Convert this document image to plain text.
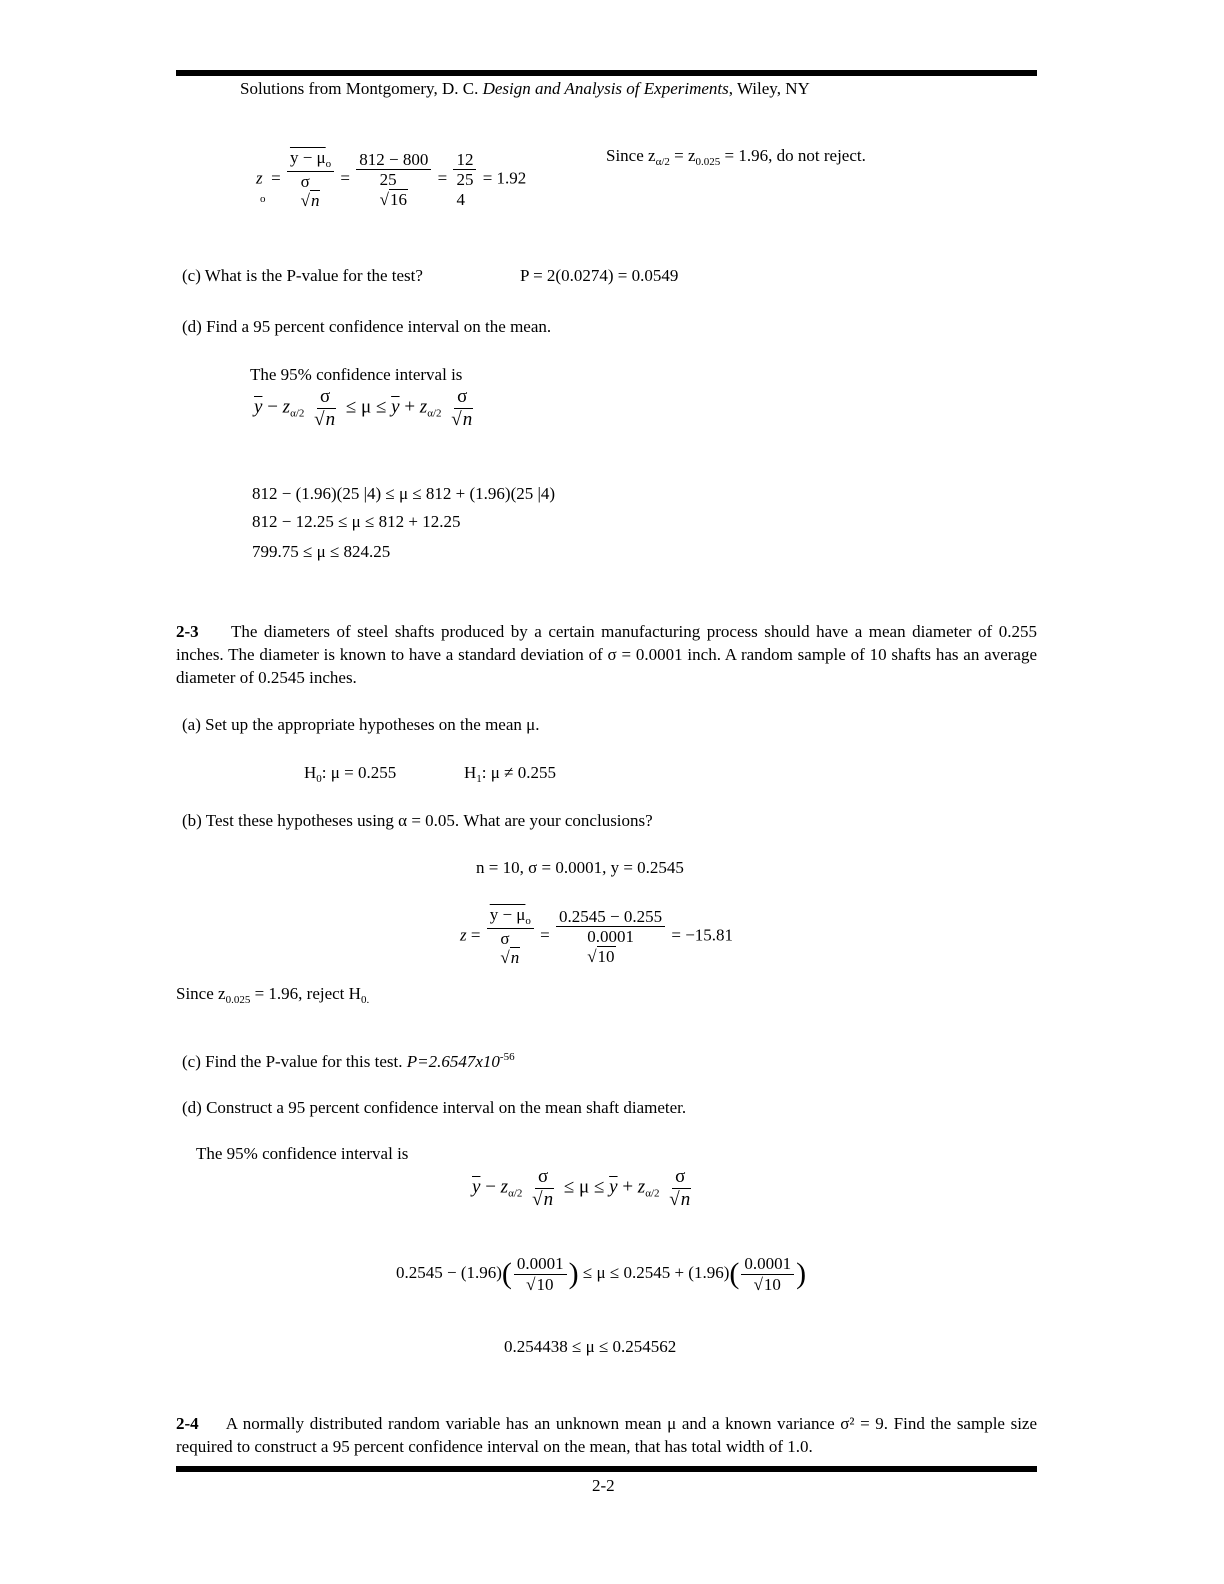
Solutions from Montgomery, D. C. Design and Analysis of Experiments, Wiley, NY
z  =
$y - \mu_o$
σ
√n
=
812 − 800
25
√16
=
12
25
4
= 1.92
o
Since $z_{\alpha/2} = z_{0.025} = 1.96$, do not reject.
(c) What is the P-value for the test?	P = 2(0.0274) = 0.0549
(d) Find a 95 percent confidence interval on the mean.
The 95% confidence interval is
$\overline{y} - z_{\alpha/2} \frac{\sigma}{√n} \le \mu \le \overline{y} + z_{\alpha/2} \frac{\sigma}{√n}$
812 − (1.96)(25 |4) ≤ μ ≤ 812 + (1.96)(25 |4)
812 − 12.25 ≤ μ ≤ 812 + 12.25
799.75 ≤ μ ≤ 824.25
2-3 The diameters of steel shafts produced by a certain manufacturing process should have a mean diameter of 0.255 inches. The diameter is known to have a standard deviation of σ = 0.0001 inch. A random sample of 10 shafts has an average diameter of 0.2545 inches.
(a) Set up the appropriate hypotheses on the mean μ.
$H_0$: μ = 0.255	$H_1$: μ ≠ 0.255
(b) Test these hypotheses using α = 0.05. What are your conclusions?
n = 10, σ = 0.0001, y = 0.2545
z =
$y - \mu_o$
σ
√n
=
0.2545 − 0.255
0.0001
√10
= −15.81
Since $z_{0.025} = 1.96$, reject $H_{0.}$
(c) Find the P-value for this test. $P=2.6547x10^{-56}$
(d) Construct a 95 percent confidence interval on the mean shaft diameter.
The 95% confidence interval is
$\overline{y} - z_{\alpha/2} \frac{\sigma}{√n} \le \mu \le \overline{y} + z_{\alpha/2} \frac{\sigma}{√n}$
$0.2545 - (1.96)( \frac{0.0001}{√10}$ ) ≤ $\mu \le 0.2545 + (1.96)( \frac{0.0001}{√10}$ )
0.254438 ≤ μ ≤ 0.254562
2-4 A normally distributed random variable has an unknown mean μ and a known variance σ² = 9. Find the sample size required to construct a 95 percent confidence interval on the mean, that has total width of 1.0.
2-2
